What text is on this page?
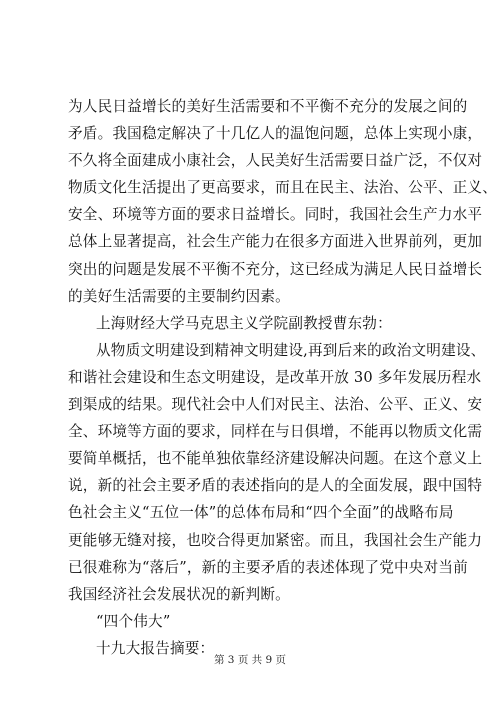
为人民日益增长的美好生活需要和不平衡不充分的发展之间的
矛盾。我国稳定解决了十几亿人的温饱问题，总体上实现小康，
不久将全面建成小康社会，人民美好生活需要日益广泛，不仅对
物质文化生活提出了更高要求，而且在民主、法治、公平、正义、
安全、环境等方面的要求日益增长。同时，我国社会生产力水平
总体上显著提高，社会生产能力在很多方面进入世界前列，更加
突出的问题是发展不平衡不充分，这已经成为满足人民日益增长
的美好生活需要的主要制约因素。
上海财经大学马克思主义学院副教授曹东勃：
从物质文明建设到精神文明建设,再到后来的政治文明建设、
和谐社会建设和生态文明建设，是改革开放 30 多年发展历程水
到渠成的结果。现代社会中人们对民主、法治、公平、正义、安
全、环境等方面的要求，同样在与日俱增，不能再以物质文化需
要简单概括，也不能单独依靠经济建设解决问题。在这个意义上
说，新的社会主要矛盾的表述指向的是人的全面发展，跟中国特
色社会主义“五位一体”的总体布局和“四个全面”的战略布局
更能够无缝对接，也咬合得更加紧密。而且，我国社会生产能力
已很难称为“落后”，新的主要矛盾的表述体现了党中央对当前
我国经济社会发展状况的新判断。
“四个伟大”
十九大报告摘要：
第 3 页 共 9 页
